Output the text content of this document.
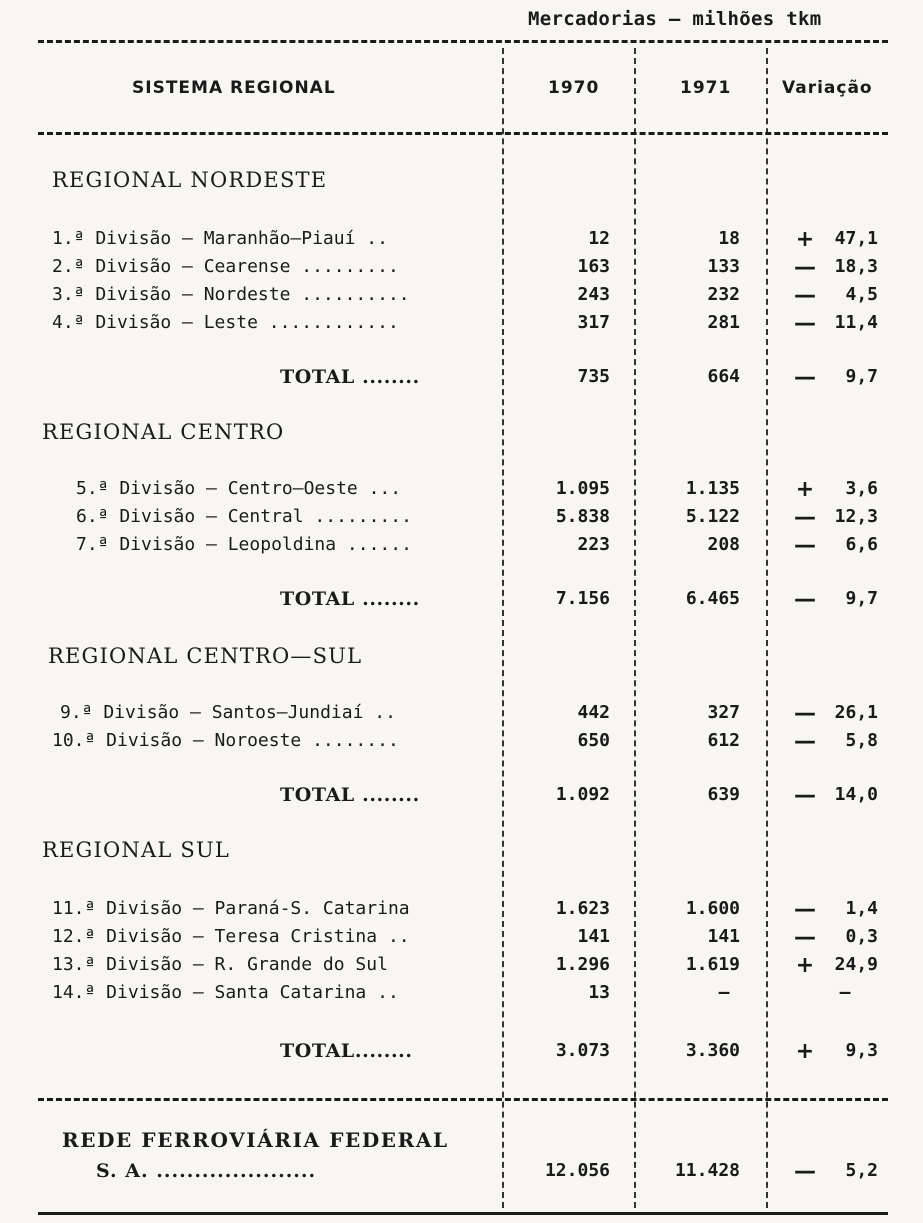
Mercadorias — milhões tkm
SISTEMA REGIONAL	1970	1971	Variação
REGIONAL NORDESTE
1.ª Divisão — Maranhão—Piauí ..	12	18	+	47,1
2.ª Divisão — Cearense .........	163	133 —	18,3
3.ª Divisão — Nordeste ..........	243	232 —	4,5
4.ª Divisão — Leste ............	317	281 —	11,4
TOTAL ........	735	664 —	9,7
REGIONAL CENTRO
5.ª Divisão — Centro—Oeste ...	1.095	1.135	+	3,6
6.ª Divisão — Central .........	5.838	5.122 —	12,3
7.ª Divisão — Leopoldina ......	223	208 —	6,6
TOTAL ........	7.156	6.465 —	9,7
REGIONAL CENTRO—SUL
9.ª Divisão — Santos—Jundiaí ..	442	327 —	26,1
10.ª Divisão — Noroeste ........	650	612 —	5,8
TOTAL ........	1.092	639 —	14,0
REGIONAL SUL
11.ª Divisão — Paraná-S. Catarina	1.623	1.600 —	1,4
12.ª Divisão — Teresa Cristina ..	141	141 —	0,3
13.ª Divisão — R. Grande do Sul	1.296	1.619	+	24,9
14.ª Divisão — Santa Catarina ..	13	—	—
TOTAL........	3.073	3.360	+	9,3
REDE FERROVIÁRIA FEDERAL
S. A. .....................	12.056	11.428 —	5,2
